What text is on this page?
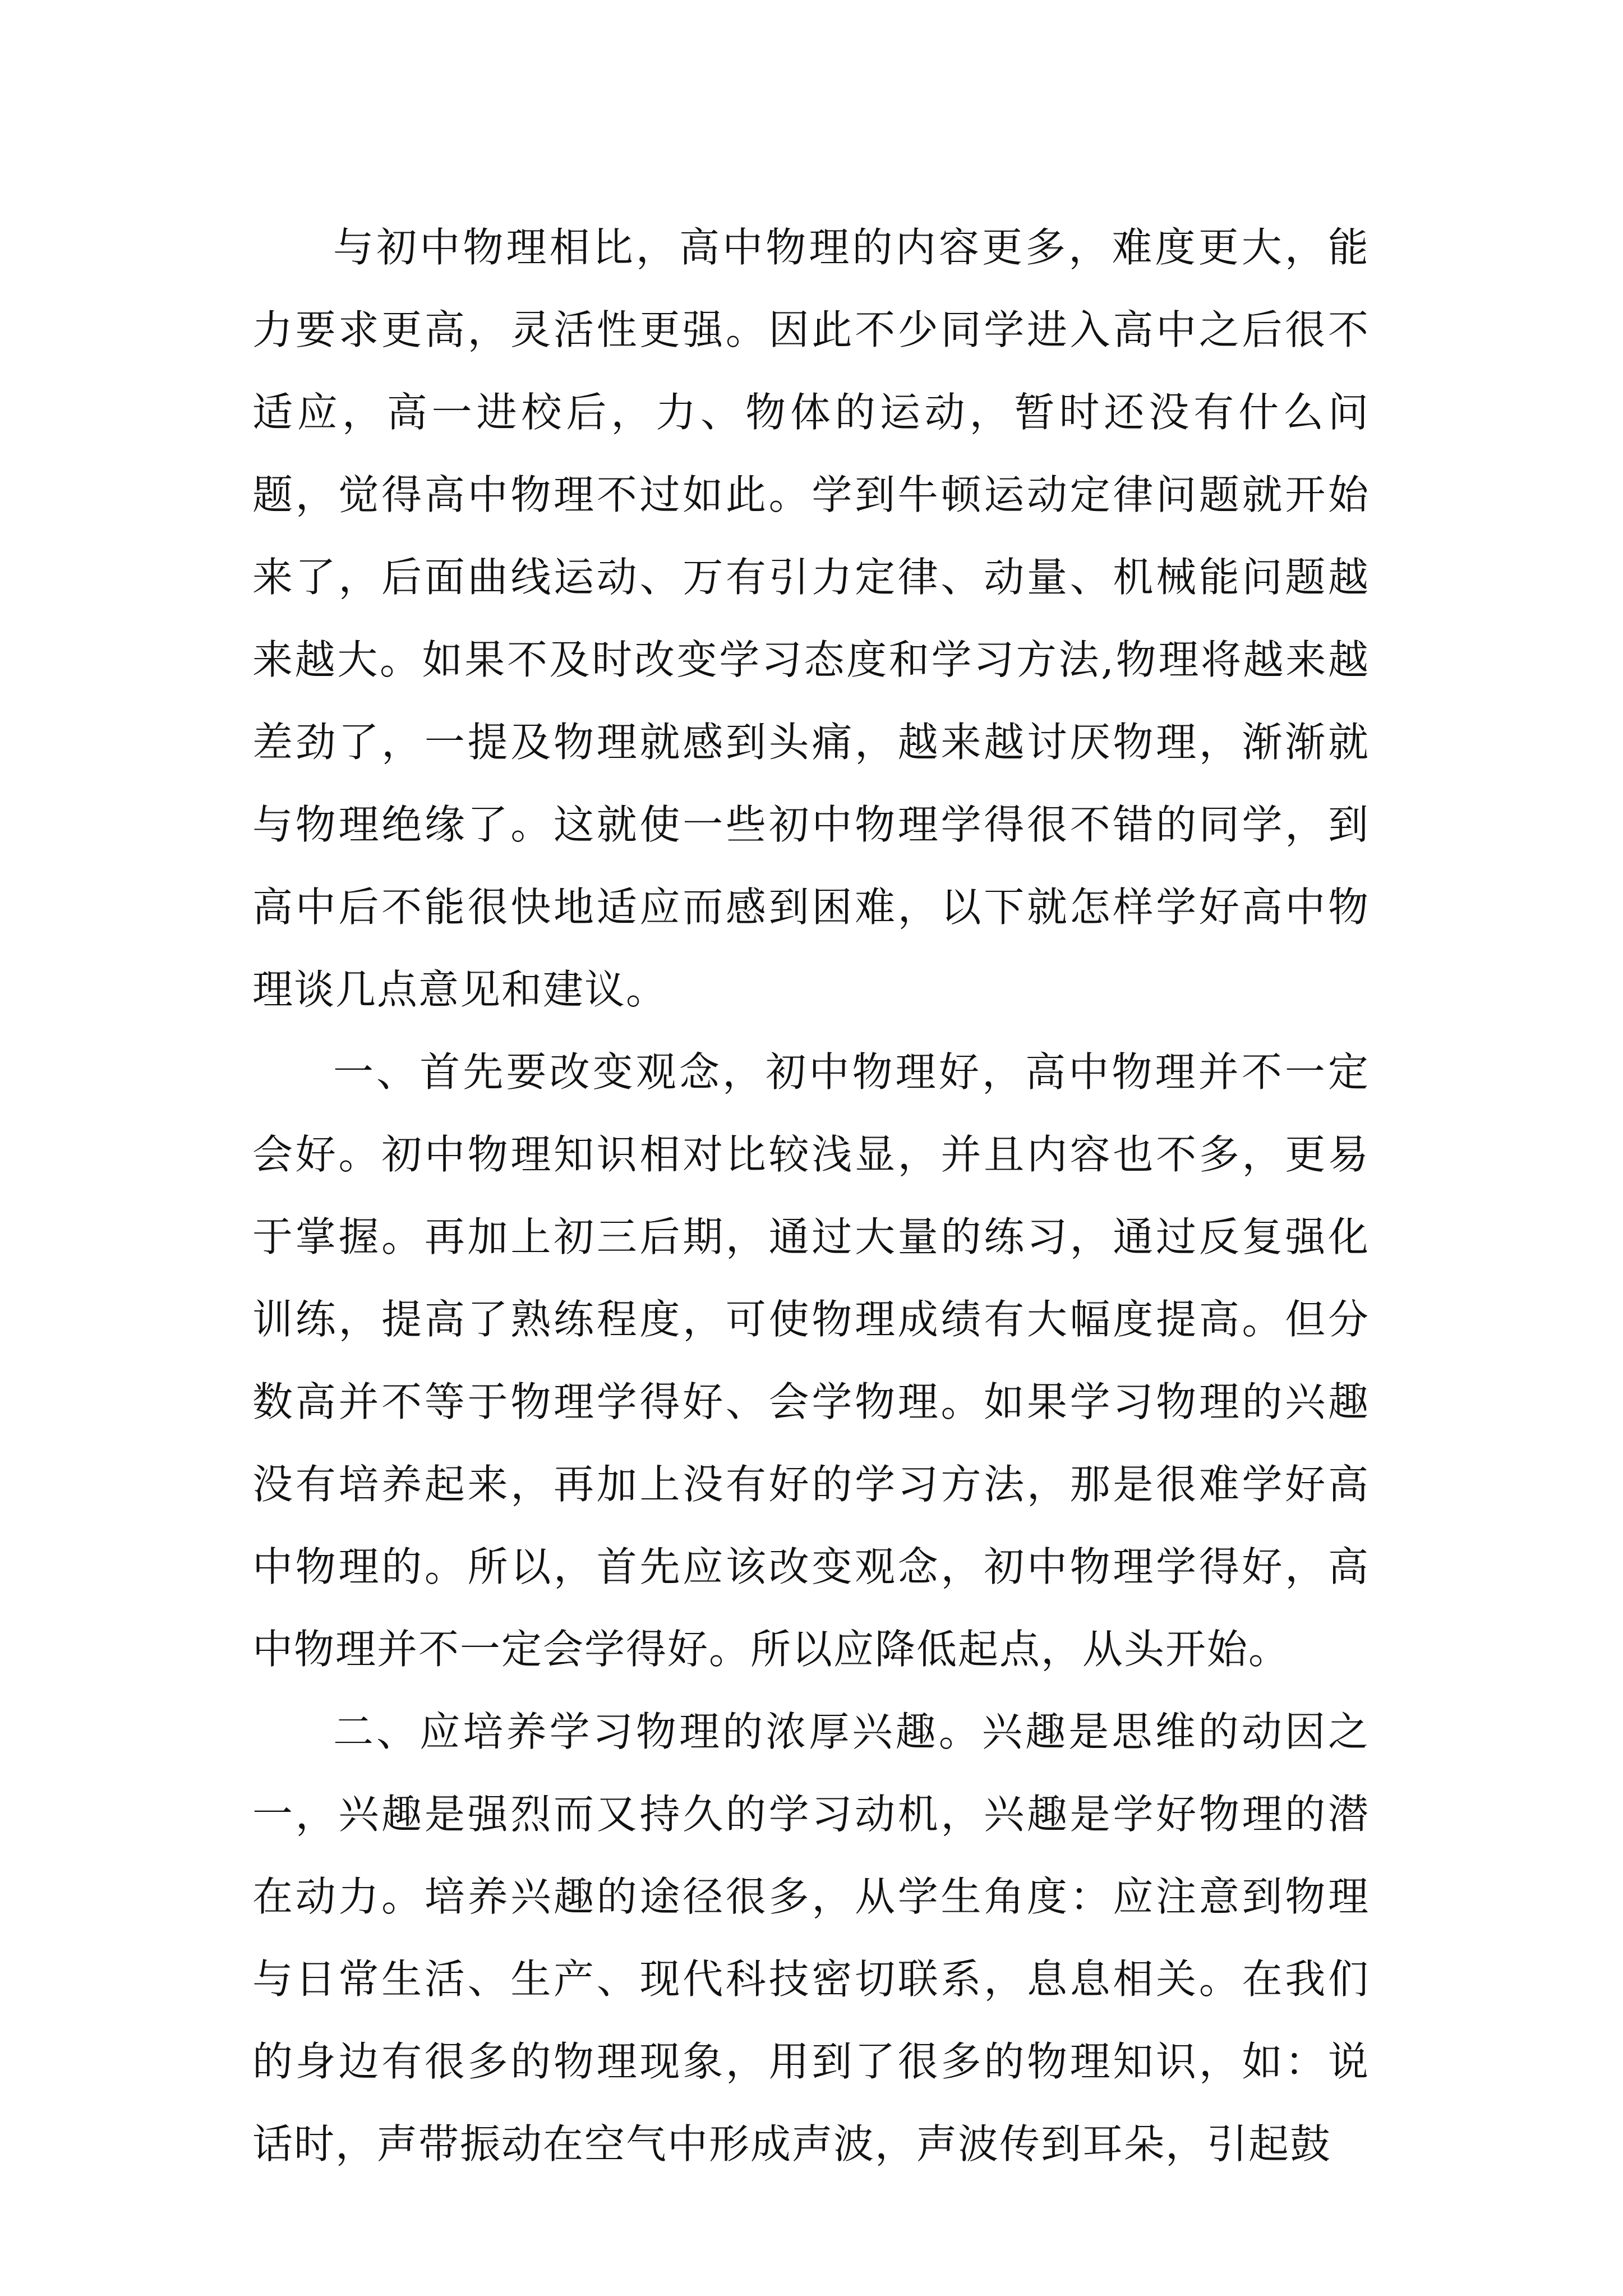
与初中物理相比，高中物理的内容更多，难度更大，能力要求更高，灵活性更强。因此不少同学进入高中之后很不适应，高一进校后，力、物体的运动，暂时还没有什么问题，觉得高中物理不过如此。学到牛顿运动定律问题就开始来了，后面曲线运动、万有引力定律、动量、机械能问题越来越大。如果不及时改变学习态度和学习方法,物理将越来越差劲了，一提及物理就感到头痛，越来越讨厌物理，渐渐就与物理绝缘了。这就使一些初中物理学得很不错的同学，到高中后不能很快地适应而感到困难，以下就怎样学好高中物理谈几点意见和建议。

一、首先要改变观念，初中物理好，高中物理并不一定会好。初中物理知识相对比较浅显，并且内容也不多，更易于掌握。再加上初三后期，通过大量的练习，通过反复强化训练，提高了熟练程度，可使物理成绩有大幅度提高。但分数高并不等于物理学得好、会学物理。如果学习物理的兴趣没有培养起来，再加上没有好的学习方法，那是很难学好高中物理的。所以，首先应该改变观念，初中物理学得好，高中物理并不一定会学得好。所以应降低起点，从头开始。

二、应培养学习物理的浓厚兴趣。兴趣是思维的动因之一，兴趣是强烈而又持久的学习动机，兴趣是学好物理的潜在动力。培养兴趣的途径很多，从学生角度：应注意到物理与日常生活、生产、现代科技密切联系，息息相关。在我们的身边有很多的物理现象，用到了很多的物理知识，如：说话时，声带振动在空气中形成声波，声波传到耳朵，引起鼓
